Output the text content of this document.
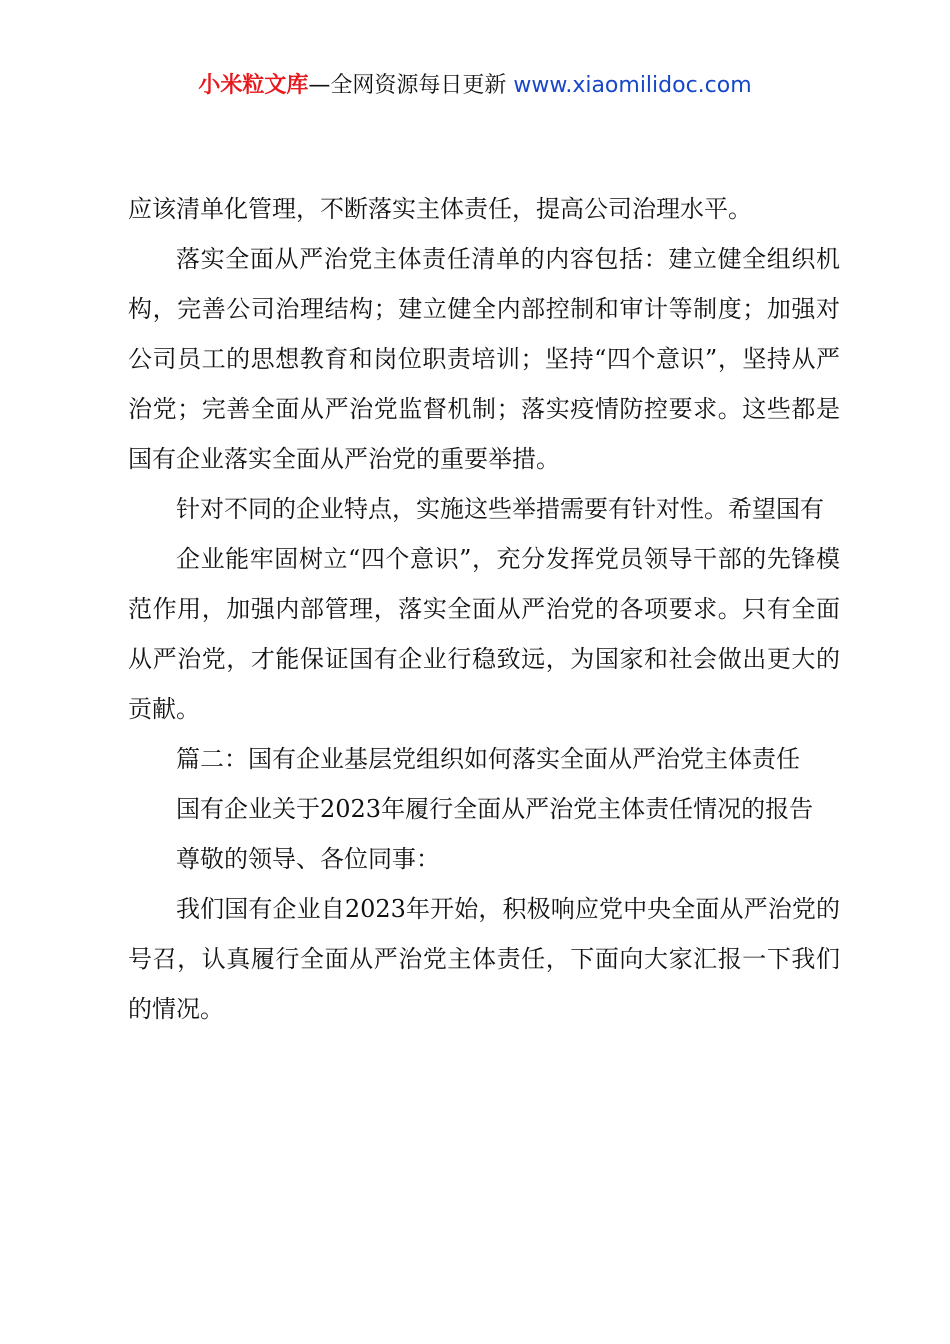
小米粒文库—全网资源每日更新 www.xiaomilidoc.com

应该清单化管理，不断落实主体责任，提高公司治理水平。

落实全面从严治党主体责任清单的内容包括：建立健全组织机构，完善公司治理结构；建立健全内部控制和审计等制度；加强对公司员工的思想教育和岗位职责培训；坚持“四个意识”，坚持从严治党；完善全面从严治党监督机制；落实疫情防控要求。这些都是国有企业落实全面从严治党的重要举措。

针对不同的企业特点，实施这些举措需要有针对性。希望国有

企业能牢固树立“四个意识”，充分发挥党员领导干部的先锋模范作用，加强内部管理，落实全面从严治党的各项要求。只有全面从严治党，才能保证国有企业行稳致远，为国家和社会做出更大的贡献。

篇二：国有企业基层党组织如何落实全面从严治党主体责任

国有企业关于2023年履行全面从严治党主体责任情况的报告

尊敬的领导、各位同事：

我们国有企业自2023年开始，积极响应党中央全面从严治党的号召，认真履行全面从严治党主体责任，下面向大家汇报一下我们的情况。
